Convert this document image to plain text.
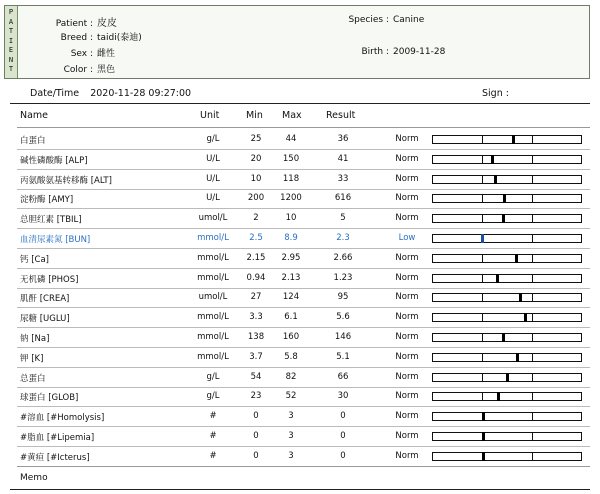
P
A
T
I
E
N
T
Patient : 皮皮
Breed : taidi(泰迪)
Sex : 雌性
Color : 黑色
Species : Canine
Birth : 2009-11-28
Date/Time 2020-11-28 09:27:00	Sign :
Name	Unit	Min Max	Result
白蛋白	g/L	25	44	36	Norm
碱性磷酸酶 [ALP]	U/L	20	150	41	Norm
丙氨酸氨基转移酶 [ALT]	U/L	10	118	33	Norm
淀粉酶 [AMY]	U/L	200	1200	616	Norm
总胆红素 [TBIL]	umol/L	2	10	5	Norm
血清尿素氮 [BUN]	mmol/L	2.5	8.9	2.3	Low
钙 [Ca]	mmol/L 2.15	2.95	2.66	Norm
无机磷 [PHOS]	mmol/L 0.94	2.13	1.23	Norm
肌酐 [CREA]	umol/L	27	124	95	Norm
尿糖 [UGLU]	mmol/L	3.3	6.1	5.6	Norm
钠 [Na]	mmol/L	138	160	146	Norm
钾 [K]	mmol/L	3.7	5.8	5.1	Norm
总蛋白	g/L	54	82	66	Norm
球蛋白 [GLOB]	g/L	23	52	30	Norm
#溶血 [#Homolysis]	#	0	3	0	Norm
#脂血 [#Lipemia]	#	0	3	0	Norm
#黄疸 [#Icterus]	#	0	3	0	Norm
Memo
